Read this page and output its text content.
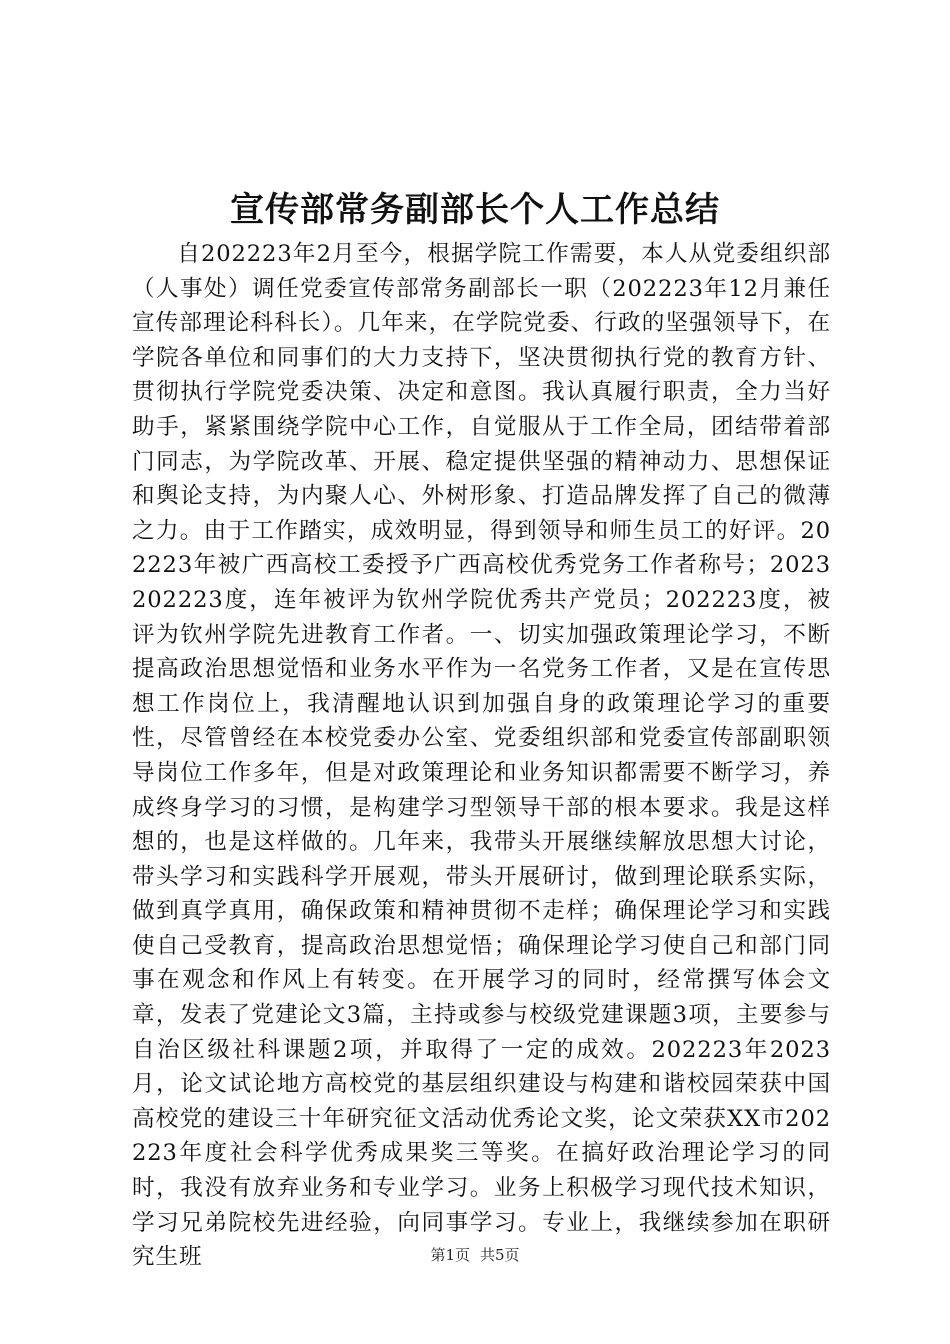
宣传部常务副部长个人工作总结

自202223年2月至今，根据学院工作需要，本人从党委组织部（人事处）调任党委宣传部常务副部长一职（202223年12月兼任宣传部理论科科长）。几年来，在学院党委、行政的坚强领导下，在学院各单位和同事们的大力支持下，坚决贯彻执行党的教育方针、贯彻执行学院党委决策、决定和意图。我认真履行职责，全力当好助手，紧紧围绕学院中心工作，自觉服从于工作全局，团结带着部门同志，为学院改革、开展、稳定提供坚强的精神动力、思想保证和舆论支持，为内聚人心、外树形象、打造品牌发挥了自己的微薄之力。由于工作踏实，成效明显，得到领导和师生员工的好评。202223年被广西高校工委授予广西高校优秀党务工作者称号；2023202223度，连年被评为钦州学院优秀共产党员；202223度，被评为钦州学院先进教育工作者。一、切实加强政策理论学习，不断提高政治思想觉悟和业务水平作为一名党务工作者，又是在宣传思想工作岗位上，我清醒地认识到加强自身的政策理论学习的重要性，尽管曾经在本校党委办公室、党委组织部和党委宣传部副职领导岗位工作多年，但是对政策理论和业务知识都需要不断学习，养成终身学习的习惯，是构建学习型领导干部的根本要求。我是这样想的，也是这样做的。几年来，我带头开展继续解放思想大讨论，带头学习和实践科学开展观，带头开展研讨，做到理论联系实际，做到真学真用，确保政策和精神贯彻不走样；确保理论学习和实践使自己受教育，提高政治思想觉悟；确保理论学习使自己和部门同事在观念和作风上有转变。在开展学习的同时，经常撰写体会文章，发表了党建论文3篇，主持或参与校级党建课题3项，主要参与自治区级社科课题2项，并取得了一定的成效。202223年2023月，论文试论地方高校党的基层组织建设与构建和谐校园荣获中国高校党的建设三十年研究征文活动优秀论文奖，论文荣获XX市202223年度社会科学优秀成果奖三等奖。在搞好政治理论学习的同时，我没有放弃业务和专业学习。业务上积极学习现代技术知识，学习兄弟院校先进经验，向同事学习。专业上，我继续参加在职研究生班	第1页 共5页
